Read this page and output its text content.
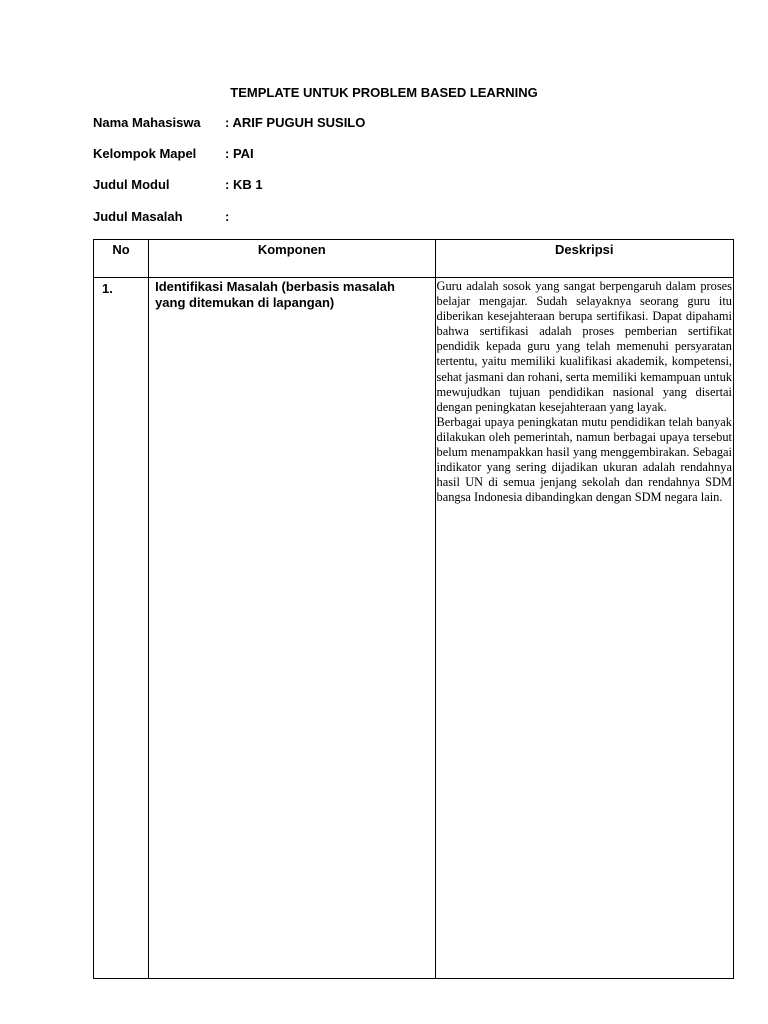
TEMPLATE UNTUK PROBLEM BASED LEARNING
Nama Mahasiswa : ARIF PUGUH SUSILO
Kelompok Mapel : PAI
Judul Modul	: KB 1
Judul Masalah	:
No	Komponen	Deskripsi
1.	Identifikasi Masalah (berbasis masalah yang ditemukan di lapangan)	Guru adalah sosok yang sangat berpengaruh dalam proses belajar mengajar. Sudah selayaknya seorang guru itu diberikan kesejahteraan berupa sertifikasi. Dapat dipahami bahwa sertifikasi adalah proses pemberian sertifikat pendidik kepada guru yang telah memenuhi persyaratan tertentu, yaitu memiliki kualifikasi akademik, kompetensi, sehat jasmani dan rohani, serta memiliki kemampuan untuk mewujudkan tujuan pendidikan nasional yang disertai dengan peningkatan kesejahteraan yang layak.

Berbagai upaya peningkatan mutu pendidikan telah banyak dilakukan oleh pemerintah, namun berbagai upaya tersebut belum menampakkan hasil yang menggembirakan. Sebagai indikator yang sering dijadikan ukuran adalah rendahnya hasil UN di semua jenjang sekolah dan rendahnya SDM bangsa Indonesia dibandingkan dengan SDM negara lain.
